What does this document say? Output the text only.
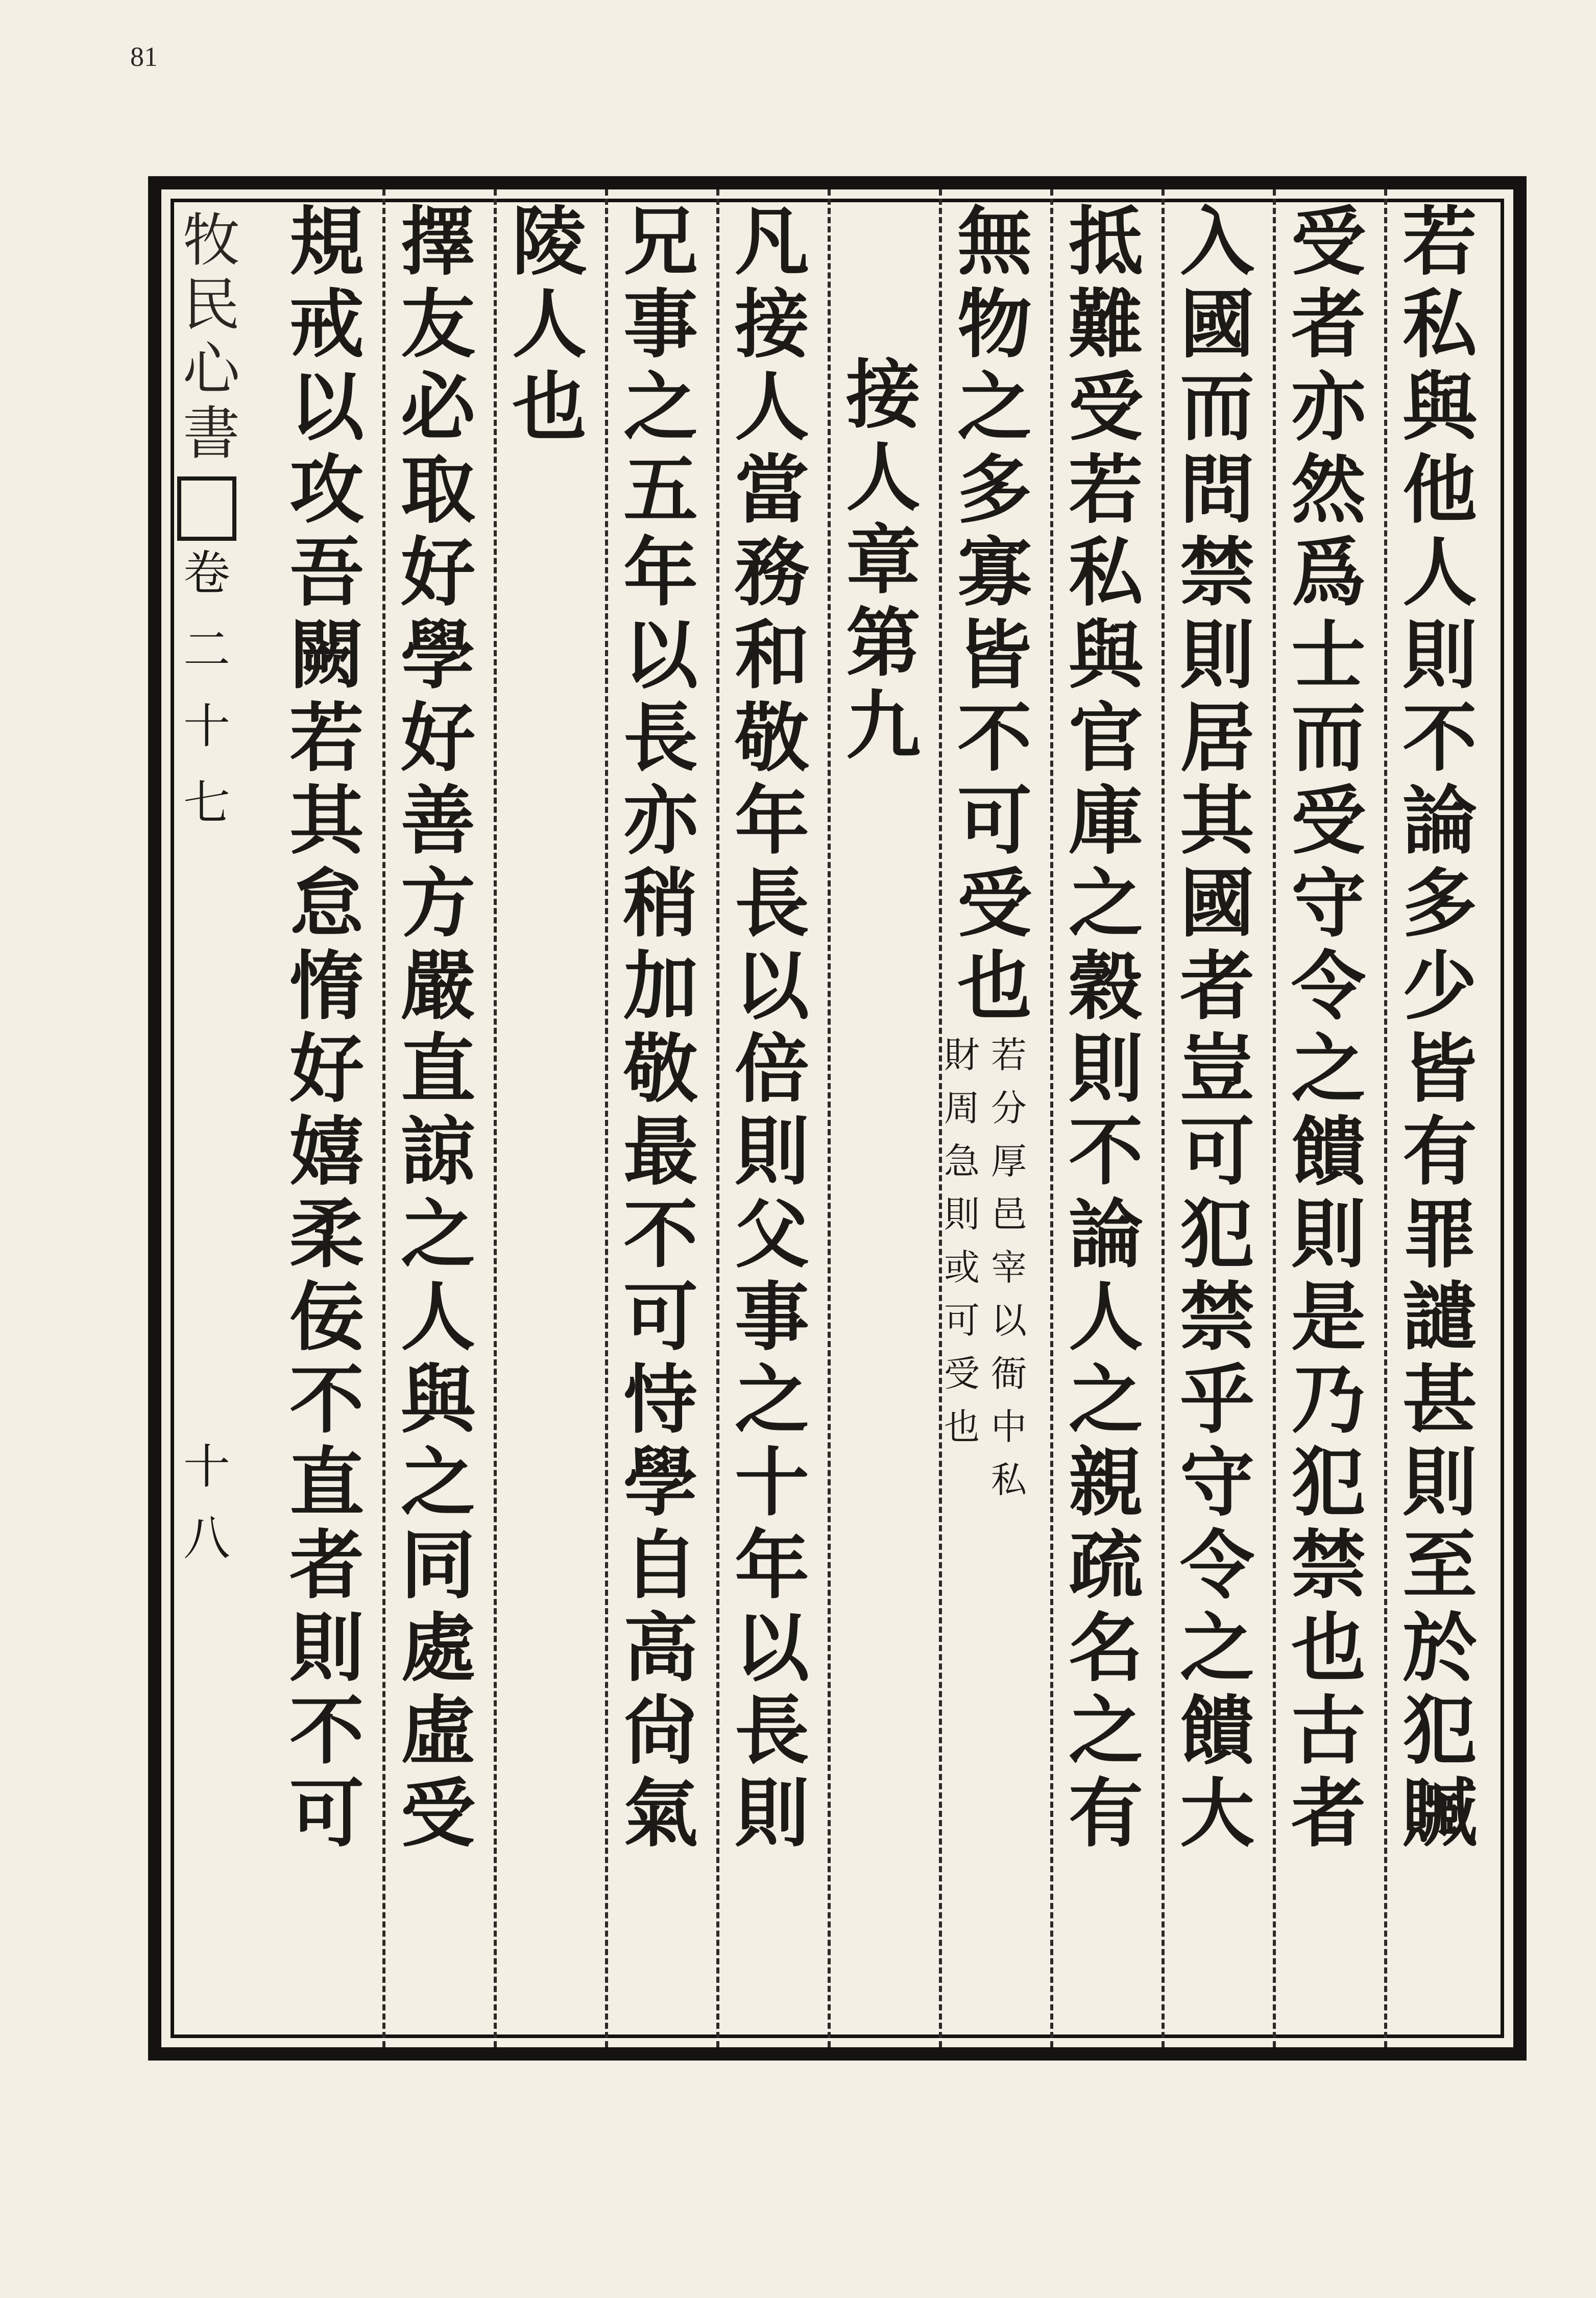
81
牧民心書
卷
二
十
七
十
八
若
私
與
他
人
則
不
論
多
少
皆
有
罪
譴
甚
則
至
於
犯
贓
受
者
亦
然
爲
士
而
受
守
令
之
饋
則
是
乃
犯
禁
也
古
者
入
國
而
問
禁
則
居
其
國
者
豈
可
犯
禁
乎
守
令
之
饋
大
抵
難
受
若
私
與
官
庫
之
穀
則
不
論
人
之
親
疏
名
之
有
無
物
之
多
寡
皆
不
可
受
也
若
分
厚
邑
宰
以
衙
中
私
財
周
急
則
或
可
受
也
接
人
章
第
九
凡
接
人
當
務
和
敬
年
長
以
倍
則
父
事
之
十
年
以
長
則
兄
事
之
五
年
以
長
亦
稍
加
敬
最
不
可
恃
學
自
高
尙
氣
陵
人
也
擇
友
必
取
好
學
好
善
方
嚴
直
諒
之
人
與
之
同
處
虛
受
規
戒
以
攻
吾
闕
若
其
怠
惰
好
嬉
柔
佞
不
直
者
則
不
可
